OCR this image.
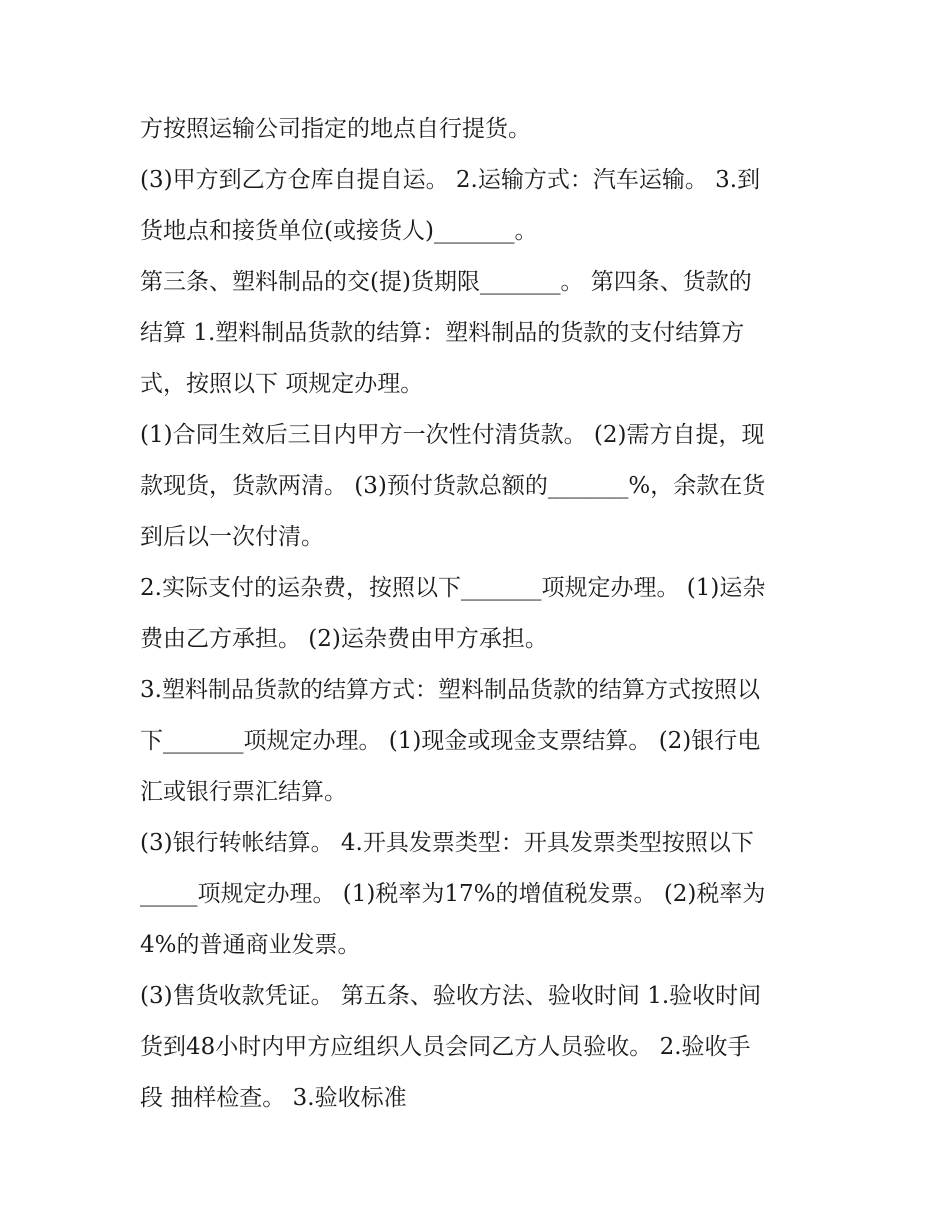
方按照运输公司指定的地点自行提货。
(3)甲方到乙方仓库自提自运。 2.运输方式：汽车运输。 3.到
货地点和接货单位(或接货人)_______。
第三条、塑料制品的交(提)货期限_______。 第四条、货款的
结算 1.塑料制品货款的结算：塑料制品的货款的支付结算方
式，按照以下 项规定办理。
(1)合同生效后三日内甲方一次性付清货款。 (2)需方自提，现
款现货，货款两清。 (3)预付货款总额的_______%，余款在货
到后以一次付清。
2.实际支付的运杂费，按照以下_______项规定办理。 (1)运杂
费由乙方承担。 (2)运杂费由甲方承担。
3.塑料制品货款的结算方式：塑料制品货款的结算方式按照以
下_______项规定办理。 (1)现金或现金支票结算。 (2)银行电
汇或银行票汇结算。
(3)银行转帐结算。 4.开具发票类型：开具发票类型按照以下
_____项规定办理。 (1)税率为17%的增值税发票。 (2)税率为
4%的普通商业发票。
(3)售货收款凭证。 第五条、验收方法、验收时间 1.验收时间
货到48小时内甲方应组织人员会同乙方人员验收。 2.验收手
段 抽样检查。 3.验收标准
